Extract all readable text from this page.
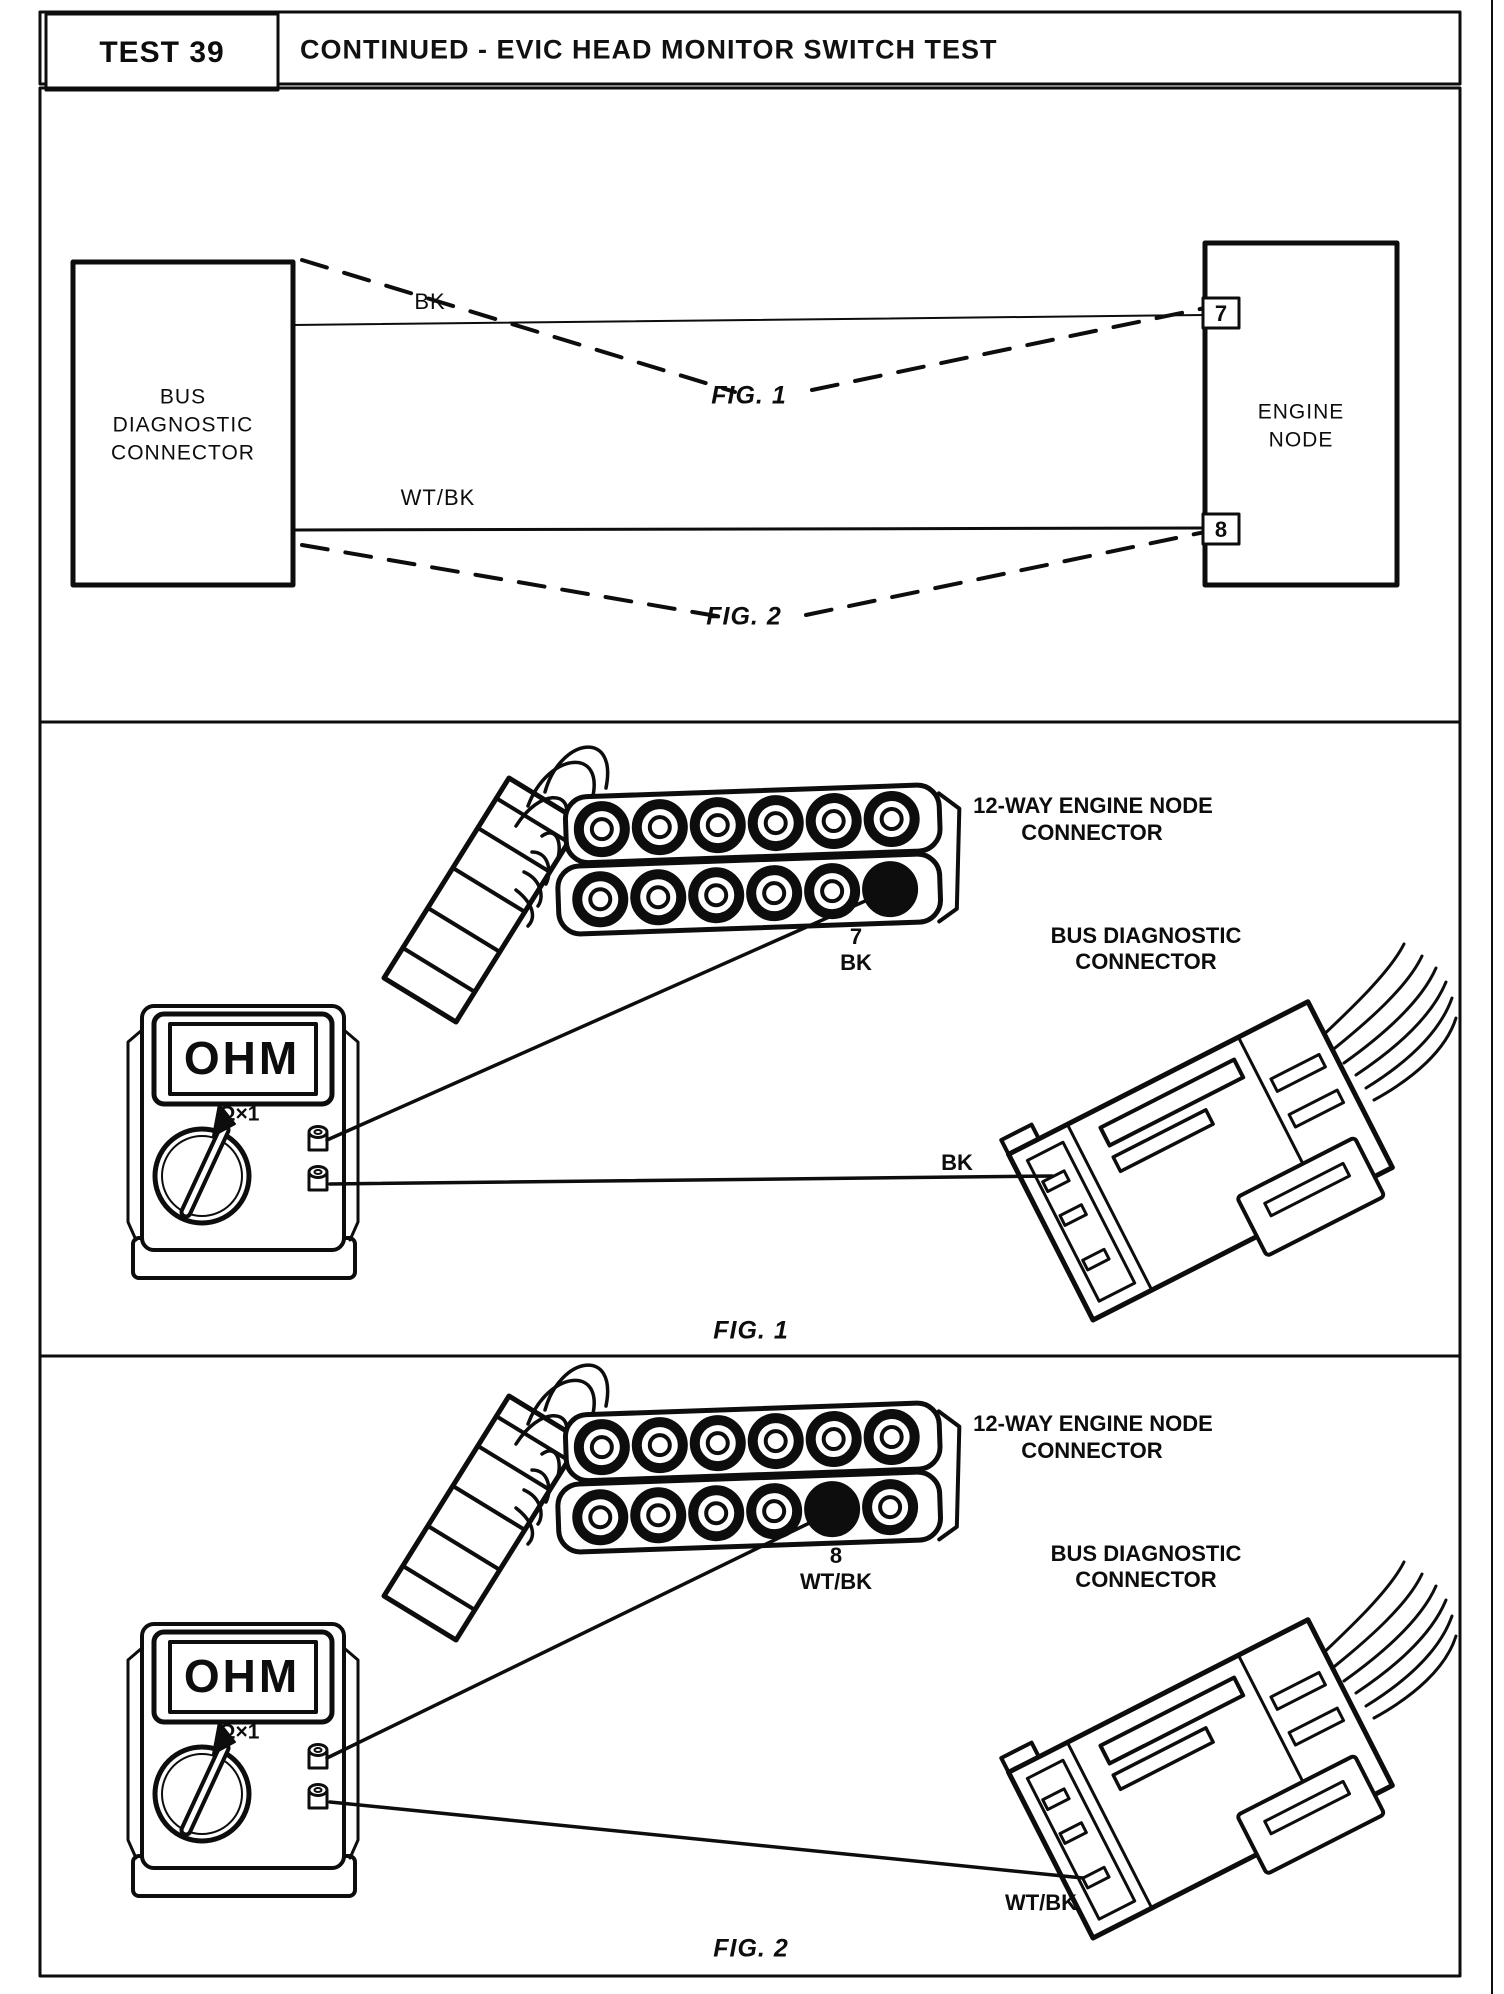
TEST 39	CONTINUED - EVIC HEAD MONITOR SWITCH TEST
BUS
DIAGNOSTIC
CONNECTOR
ENGINE
NODE
BK
WT/BK
7
8
FIG. 1
FIG. 2
12-WAY ENGINE NODE
CONNECTOR
7
BK
BUS DIAGNOSTIC
CONNECTOR
BK
OHM
Ω×1
FIG. 1
12-WAY ENGINE NODE
CONNECTOR
8
WT/BK
BUS DIAGNOSTIC
CONNECTOR
WT/BK
OHM
Ω×1
FIG. 2
